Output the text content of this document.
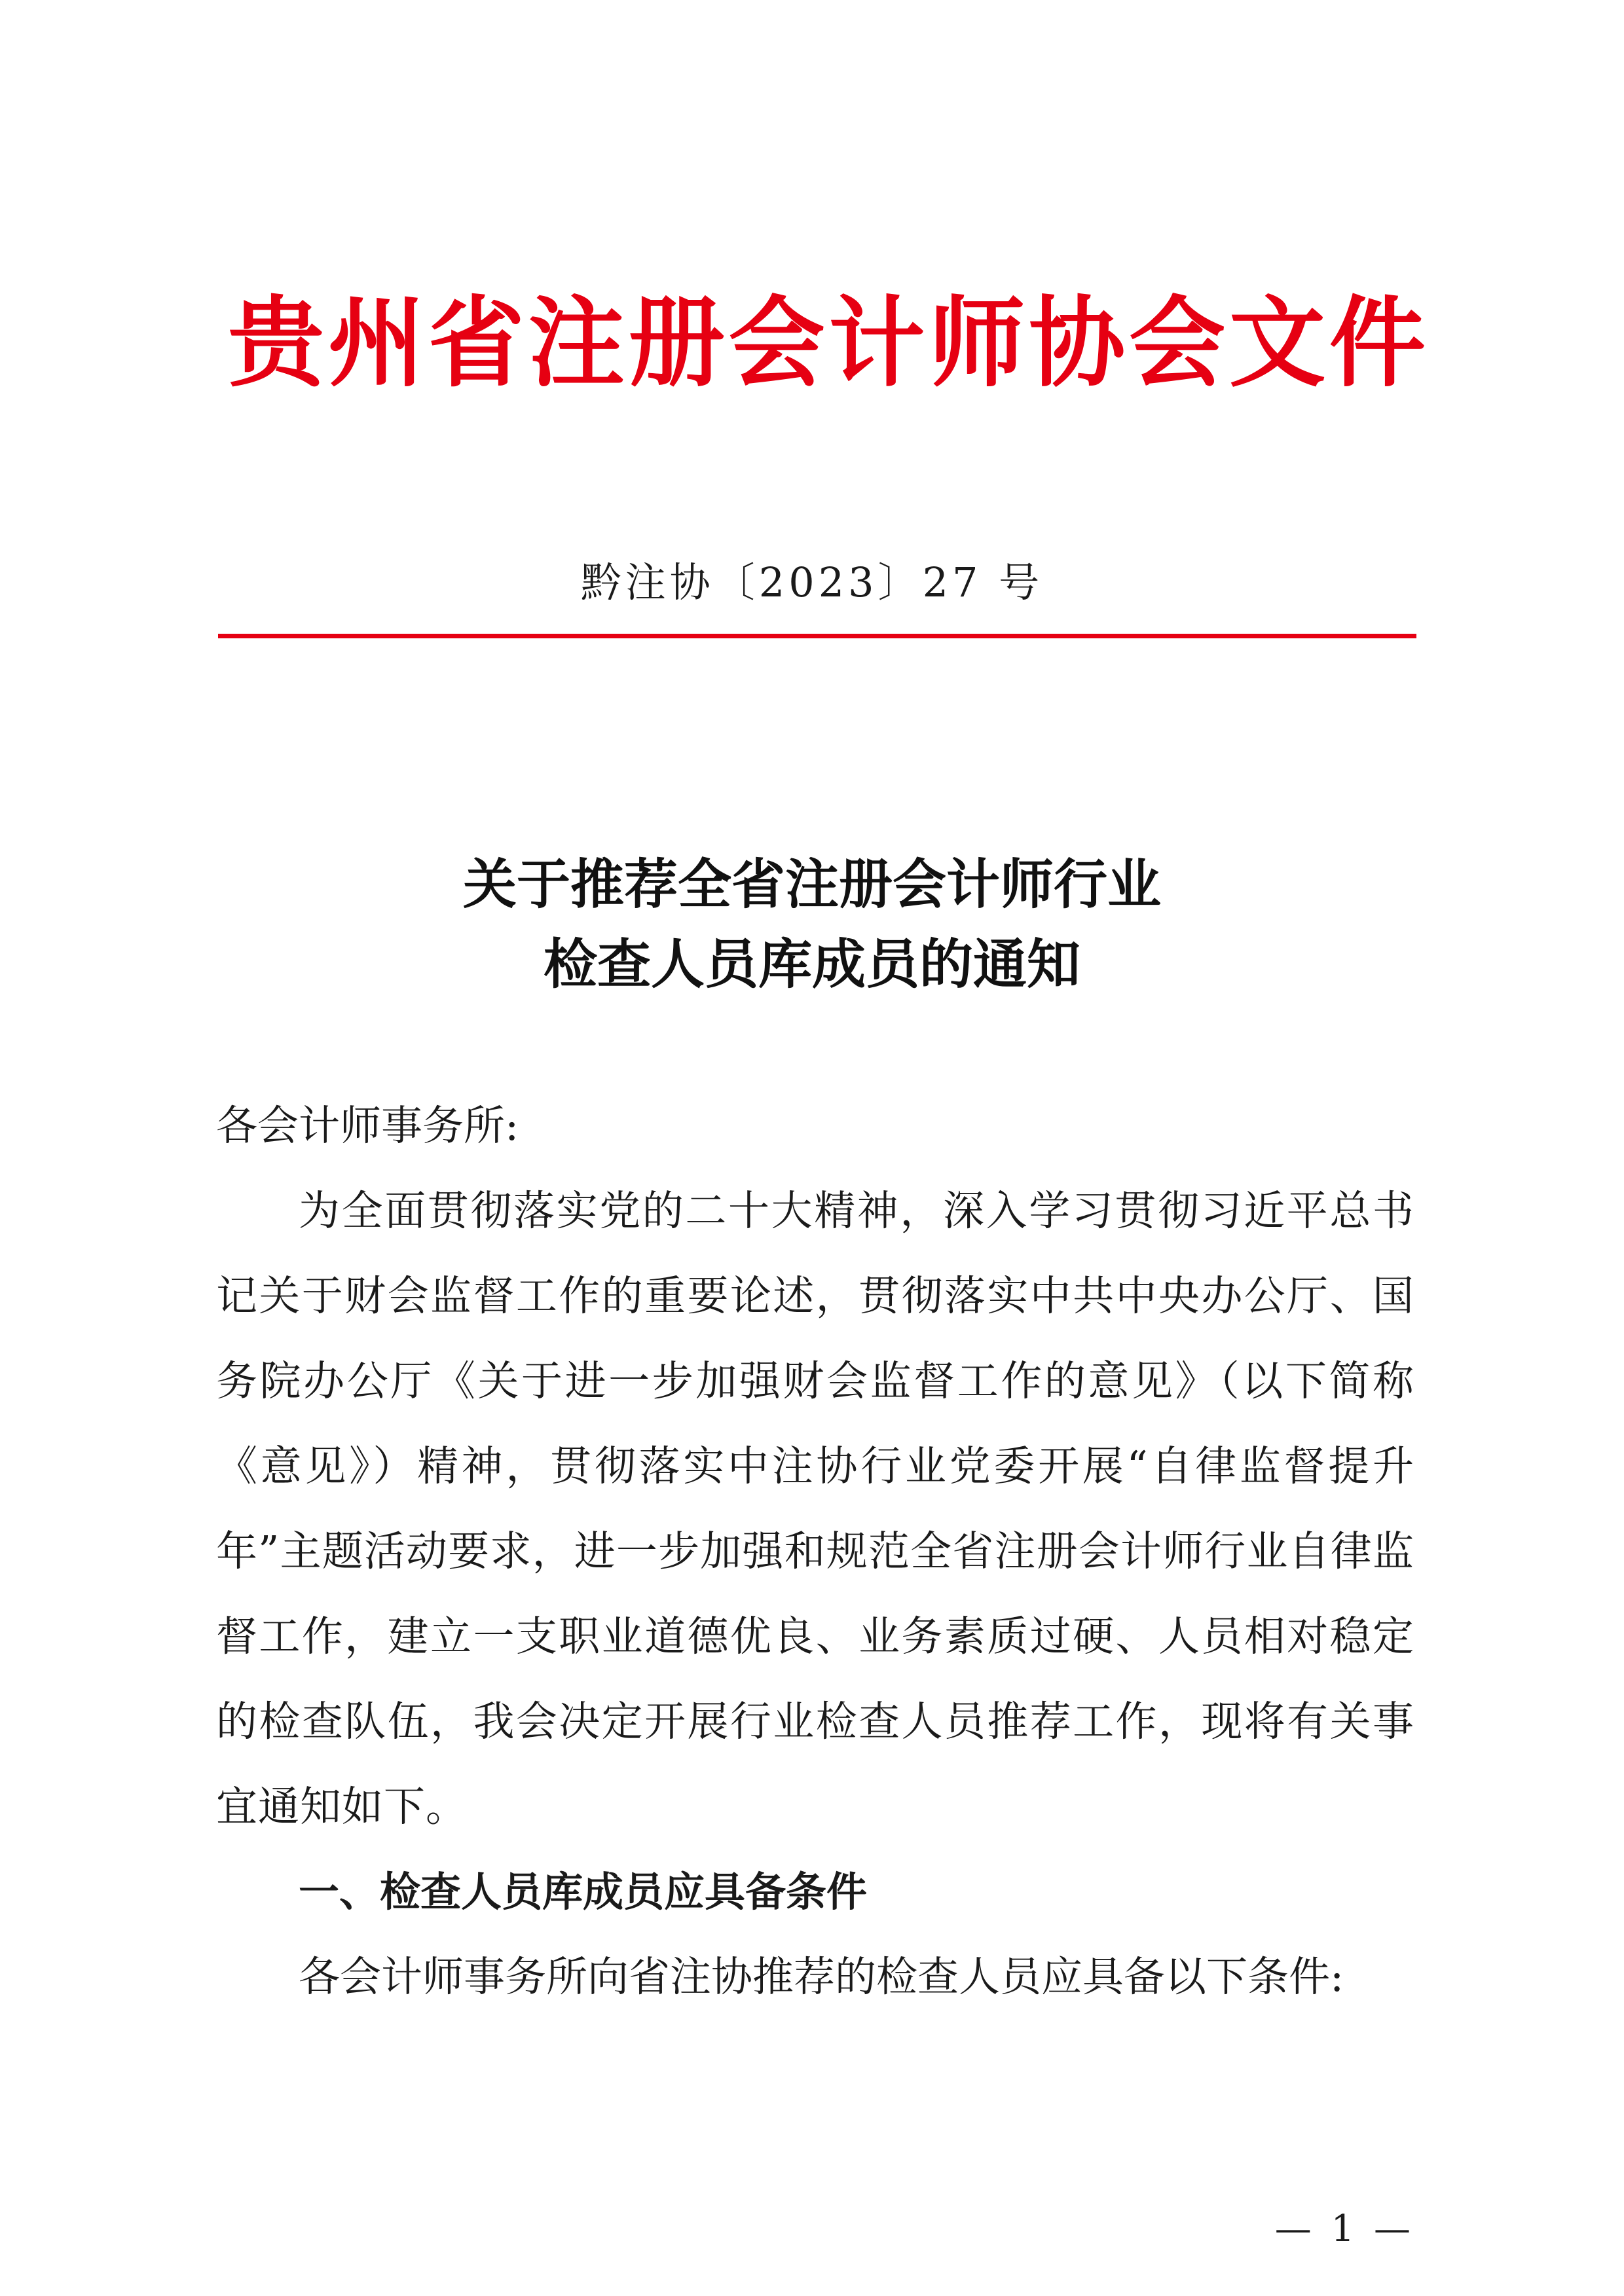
贵州省注册会计师协会文件
黔注协〔2023〕27 号
关于推荐全省注册会计师行业
检查人员库成员的通知

各会计师事务所:

为全面贯彻落实党的二十大精神，深入学习贯彻习近平总书记关于财会监督工作的重要论述，贯彻落实中共中央办公厅、国务院办公厅《关于进一步加强财会监督工作的意见》（以下简称《意见》）精神，贯彻落实中注协行业党委开展“自律监督提升年”主题活动要求，进一步加强和规范全省注册会计师行业自律监督工作，建立一支职业道德优良、业务素质过硬、人员相对稳定的检查队伍，我会决定开展行业检查人员推荐工作，现将有关事宜通知如下。

一、检查人员库成员应具备条件

各会计师事务所向省注协推荐的检查人员应具备以下条件:

— 1 —
